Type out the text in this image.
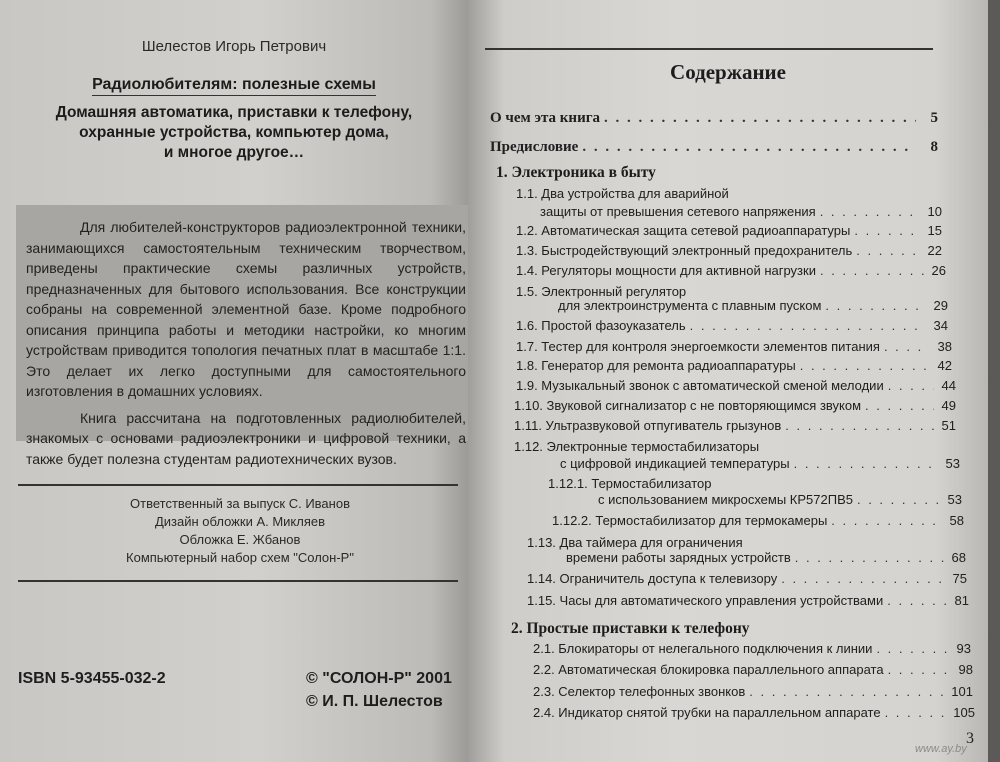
Шелестов Игорь Петрович
Радиолюбителям: полезные схемы
Домашняя автоматика, приставки к телефону,
охранные устройства, компьютер дома,
и многое другое…

Для любителей-конструкторов радиоэлектронной техники, занимающихся самостоятельным техническим творчеством, приведены практические схемы различных устройств, предназначенных для бытового использования. Все конструкции собраны на современной элементной базе. Кроме подробного описания принципа работы и методики настройки, ко многим устройствам приводится топология печатных плат в масштабе 1:1. Это делает их легко доступными для самостоятельного изготовления в домашних условиях.

Книга рассчитана на подготовленных радиолюбителей, знакомых с основами радиоэлектроники и цифровой техники, а также будет полезна студентам радиотехнических вузов.

Ответственный за выпуск С. Иванов
Дизайн обложки А. Микляев
Обложка Е. Жбанов
Компьютерный набор схем "Солон-Р"
ISBN 5-93455-032-2	© "СОЛОН-Р" 2001
© И. П. Шелестов
Содержание
О чем эта книга . . .	5
Предисловие . . .	8
1. Электроника в быту
1.1. Два устройства для аварийной
защиты от превышения сетевого напряжения . . .	10
1.2. Автоматическая защита сетевой радиоаппаратуры . . .	15
1.3. Быстродействующий электронный предохранитель . . .	22
1.4. Регуляторы мощности для активной нагрузки . . .	26
1.5. Электронный регулятор
для электроинструмента с плавным пуском . . .	29
1.6. Простой фазоуказатель . . .	34
1.7. Тестер для контроля энергоемкости элементов питания . . .	38
1.8. Генератор для ремонта радиоаппаратуры . . .	42
1.9. Музыкальный звонок с автоматической сменой мелодии . . .	44
1.10. Звуковой сигнализатор с не повторяющимся звуком . . .	49
1.11. Ультразвуковой отпугиватель грызунов . . .	51
1.12. Электронные термостабилизаторы
с цифровой индикацией температуры . . .	53
1.12.1. Термостабилизатор
с использованием микросхемы КР572ПВ5 . . .	53
1.12.2. Термостабилизатор для термокамеры . . .	58
1.13. Два таймера для ограничения
времени работы зарядных устройств . . .	68
1.14. Ограничитель доступа к телевизору . . .	75
1.15. Часы для автоматического управления устройствами . . .	81
2. Простые приставки к телефону
2.1. Блокираторы от нелегального подключения к линии . . .	93
2.2. Автоматическая блокировка параллельного аппарата . . .	98
2.3. Селектор телефонных звонков . . .	101
2.4. Индикатор снятой трубки на параллельном аппарате . . .	105
3
www.ay.by
